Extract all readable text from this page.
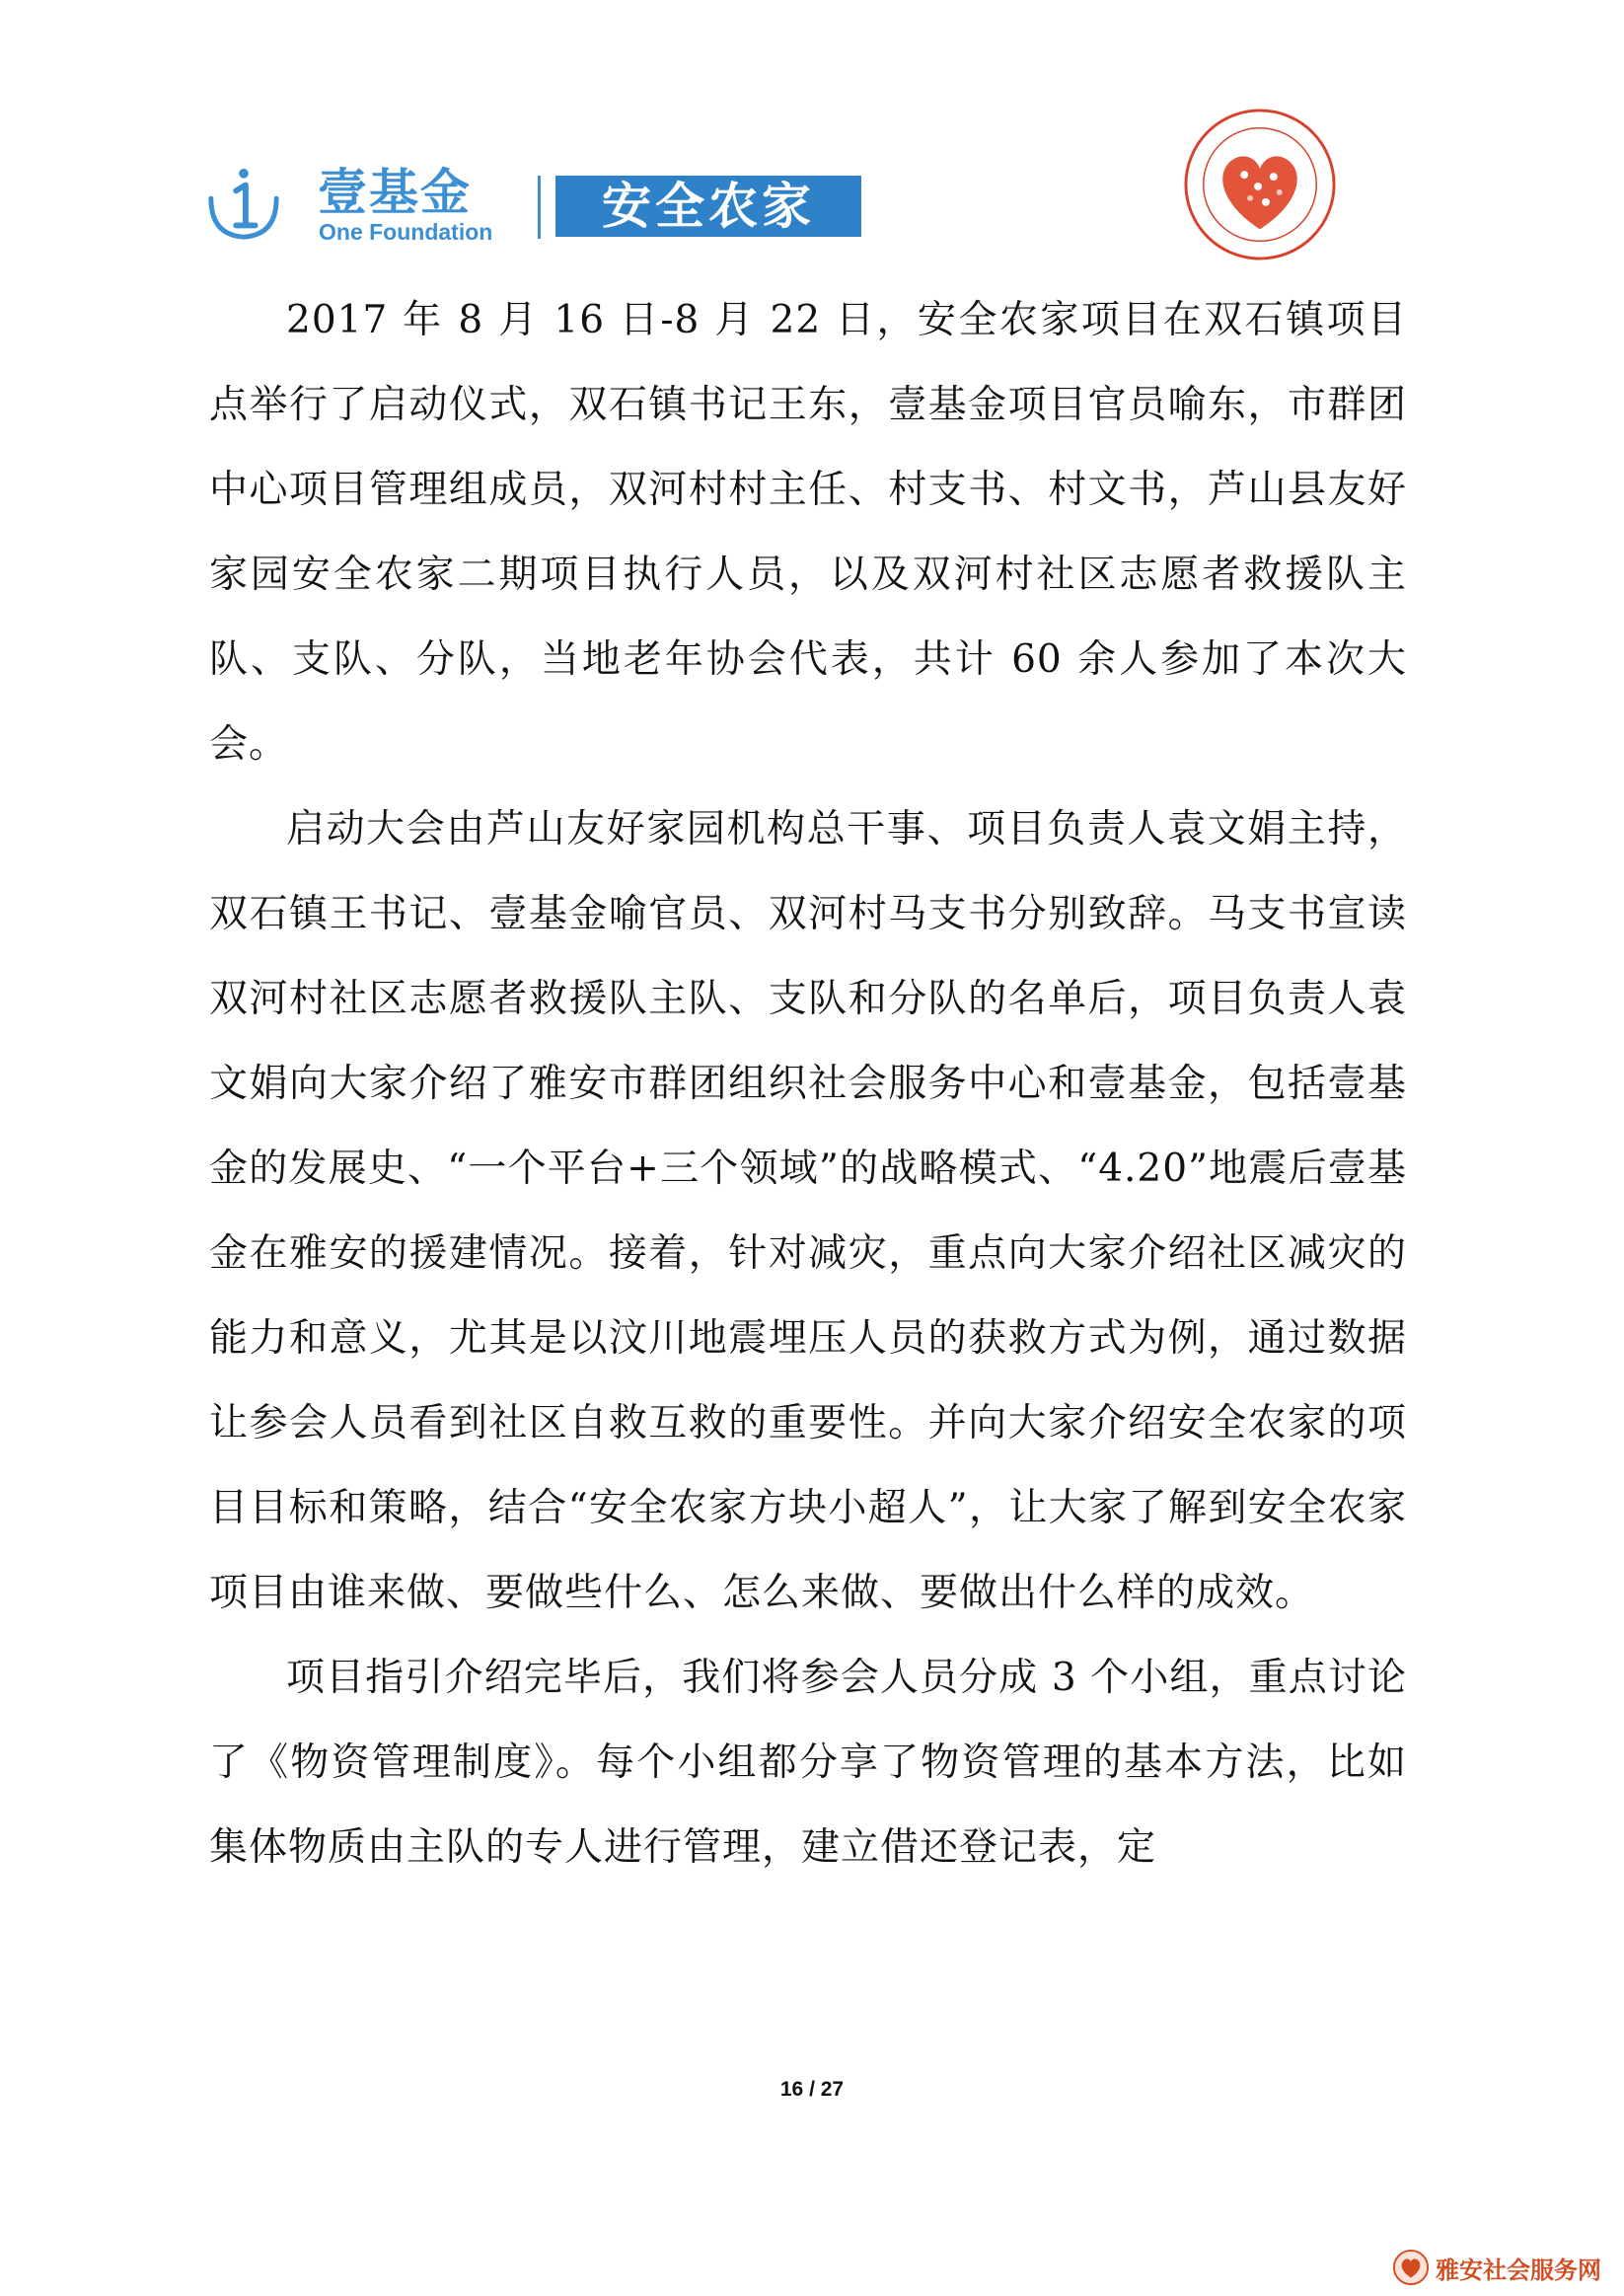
壹基金
One Foundation	安全农家

2017 年 8 月 16 日-8 月 22 日，安全农家项目在双石镇项目点举行了启动仪式，双石镇书记王东，壹基金项目官员喻东，市群团中心项目管理组成员，双河村村主任、村支书、村文书，芦山县友好家园安全农家二期项目执行人员，以及双河村社区志愿者救援队主队、支队、分队，当地老年协会代表，共计 60 余人参加了本次大会。

启动大会由芦山友好家园机构总干事、项目负责人袁文娟主持，双石镇王书记、壹基金喻官员、双河村马支书分别致辞。马支书宣读双河村社区志愿者救援队主队、支队和分队的名单后，项目负责人袁文娟向大家介绍了雅安市群团组织社会服务中心和壹基金，包括壹基金的发展史、“一个平台+三个领域”的战略模式、“4.20”地震后壹基金在雅安的援建情况。接着，针对减灾，重点向大家介绍社区减灾的能力和意义，尤其是以汶川地震埋压人员的获救方式为例，通过数据让参会人员看到社区自救互救的重要性。并向大家介绍安全农家的项目目标和策略，结合“安全农家方块小超人”，让大家了解到安全农家项目由谁来做、要做些什么、怎么来做、要做出什么样的成效。

项目指引介绍完毕后，我们将参会人员分成 3 个小组，重点讨论了《物资管理制度》。每个小组都分享了物资管理的基本方法，比如集体物质由主队的专人进行管理，建立借还登记表，定

16 / 27
雅安社会服务网
